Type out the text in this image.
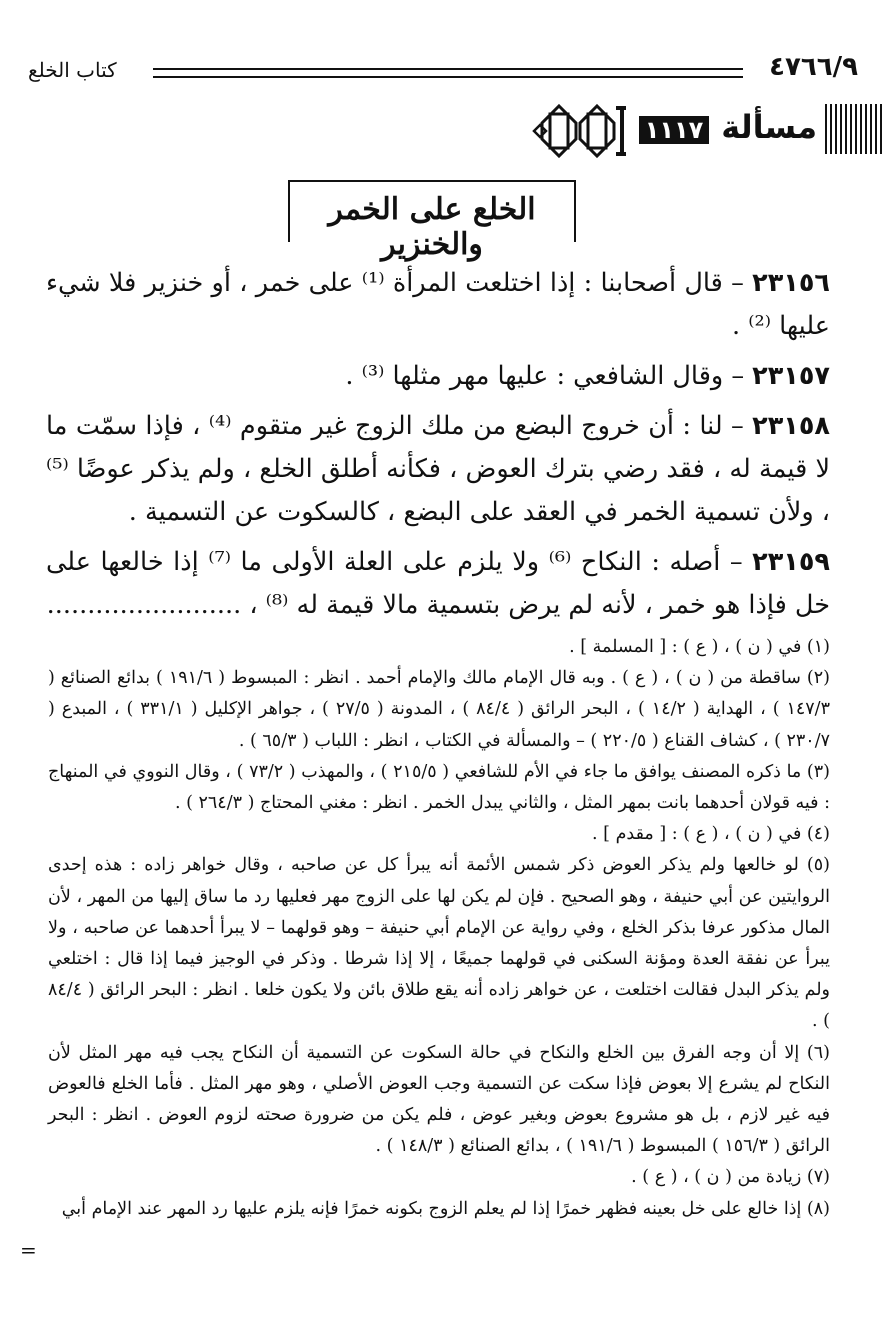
٤٧٦٦/٩
كتاب الخلع
مسألة
١١١٧
الخلع على الخمر والخنزير

٢٣١٥٦ – قال أصحابنا : إذا اختلعت المرأة ⁽¹⁾ على خمر ، أو خنزير فلا شيء عليها ⁽²⁾ .

٢٣١٥٧ – وقال الشافعي : عليها مهر مثلها ⁽³⁾ .

٢٣١٥٨ – لنا : أن خروج البضع من ملك الزوج غير متقوم ⁽⁴⁾ ، فإذا سمّت ما لا قيمة له ، فقد رضي بترك العوض ، فكأنه أطلق الخلع ، ولم يذكر عوضًا ⁽⁵⁾ ، ولأن تسمية الخمر في العقد على البضع ، كالسكوت عن التسمية .

٢٣١٥٩ – أصله : النكاح ⁽⁶⁾ ولا يلزم على العلة الأولى ما ⁽⁷⁾ إذا خالعها على خل فإذا هو خمر ، لأنه لم يرض بتسمية مالا قيمة له ⁽⁸⁾ ، ........................

(١) في ( ن ) ، ( ع ) : [ المسلمة ] .

(٢) ساقطة من ( ن ) ، ( ع ) . وبه قال الإمام مالك والإمام أحمد . انظر : المبسوط ( ١٩١/٦ ) بدائع الصنائع ( ١٤٧/٣ ) ، الهداية ( ١٤/٢ ) ، البحر الرائق ( ٨٤/٤ ) ، المدونة ( ٢٧/٥ ) ، جواهر الإكليل ( ٣٣١/١ ) ، المبدع ( ٢٣٠/٧ ) ، كشاف القناع ( ٢٢٠/٥ ) – والمسألة في الكتاب ، انظر : اللباب ( ٦٥/٣ ) .

(٣) ما ذكره المصنف يوافق ما جاء في الأم للشافعي ( ٢١٥/٥ ) ، والمهذب ( ٧٣/٢ ) ، وقال النووي في المنهاج : فيه قولان أحدهما بانت بمهر المثل ، والثاني يبدل الخمر . انظر : مغني المحتاج ( ٢٦٤/٣ ) .

(٤) في ( ن ) ، ( ع ) : [ مقدم ] .

(٥) لو خالعها ولم يذكر العوض ذكر شمس الأئمة أنه يبرأ كل عن صاحبه ، وقال خواهر زاده : هذه إحدى الروايتين عن أبي حنيفة ، وهو الصحيح . فإن لم يكن لها على الزوج مهر فعليها رد ما ساق إليها من المهر ، لأن المال مذكور عرفا بذكر الخلع ، وفي رواية عن الإمام أبي حنيفة – وهو قولهما – لا يبرأ أحدهما عن صاحبه ، ولا يبرأ عن نفقة العدة ومؤنة السكنى في قولهما جميعًا ، إلا إذا شرطا . وذكر في الوجيز فيما إذا قال : اختلعي ولم يذكر البدل فقالت اختلعت ، عن خواهر زاده أنه يقع طلاق بائن ولا يكون خلعا . انظر : البحر الرائق ( ٨٤/٤ ) .

(٦) إلا أن وجه الفرق بين الخلع والنكاح في حالة السكوت عن التسمية أن النكاح يجب فيه مهر المثل لأن النكاح لم يشرع إلا بعوض فإذا سكت عن التسمية وجب العوض الأصلي ، وهو مهر المثل . فأما الخلع فالعوض فيه غير لازم ، بل هو مشروع بعوض وبغير عوض ، فلم يكن من ضرورة صحته لزوم العوض . انظر : البحر الرائق ( ١٥٦/٣ ) المبسوط ( ١٩١/٦ ) ، بدائع الصنائع ( ١٤٨/٣ ) .

(٧) زيادة من ( ن ) ، ( ع ) .

(٨) إذا خالع على خل بعينه فظهر خمرًا إذا لم يعلم الزوج بكونه خمرًا فإنه يلزم عليها رد المهر عند الإمام أبي

=
